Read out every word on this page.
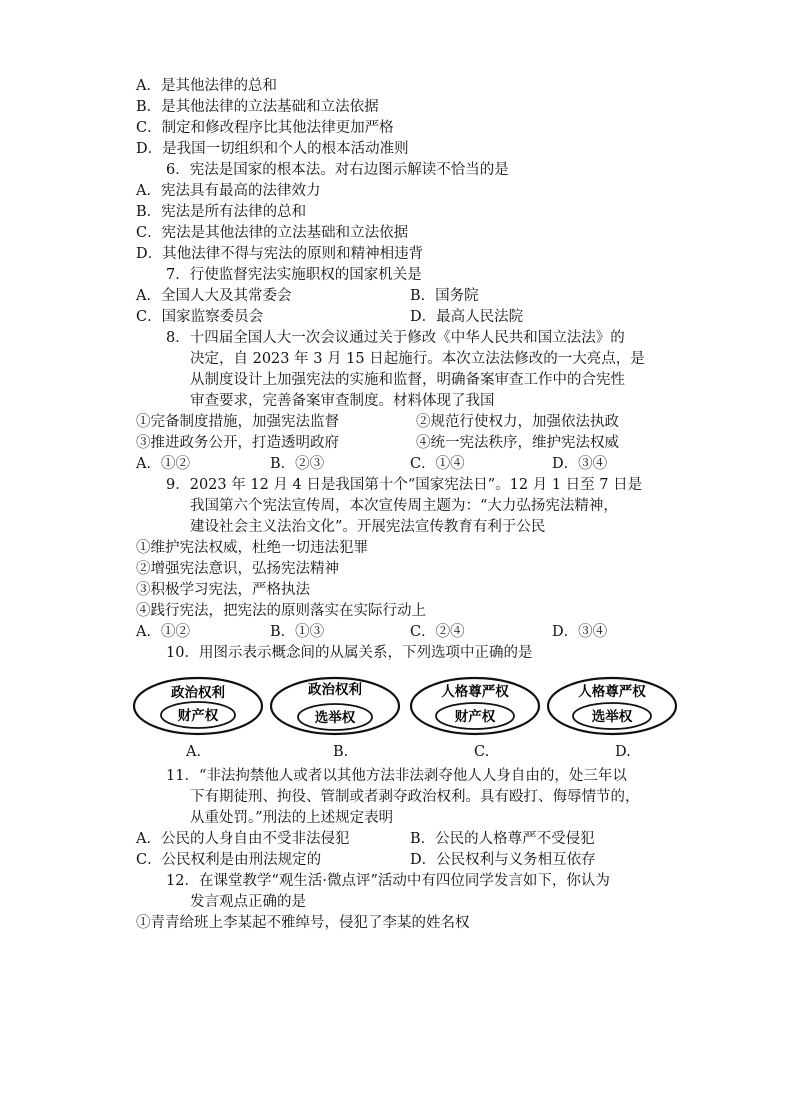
A．是其他法律的总和
B．是其他法律的立法基础和立法依据
C．制定和修改程序比其他法律更加严格
D．是我国一切组织和个人的根本活动准则
6．宪法是国家的根本法。对右边图示解读不恰当的是
A．宪法具有最高的法律效力
B．宪法是所有法律的总和
C．宪法是其他法律的立法基础和立法依据
D．其他法律不得与宪法的原则和精神相违背
7．行使监督宪法实施职权的国家机关是
A．全国人大及其常委会	B．国务院
C．国家监察委员会	D．最高人民法院
8．十四届全国人大一次会议通过关于修改《中华人民共和国立法法》的
决定，自 2023 年 3 月 15 日起施行。本次立法法修改的一大亮点，是
从制度设计上加强宪法的实施和监督，明确备案审查工作中的合宪性
审查要求，完善备案审查制度。材料体现了我国
①完备制度措施，加强宪法监督	②规范行使权力，加强依法执政
③推进政务公开，打造透明政府	④统一宪法秩序，维护宪法权威
A．①②	B．②③	C．①④	D．③④
9．2023 年 12 月 4 日是我国第十个“国家宪法日”。12 月 1 日至 7 日是
我国第六个宪法宣传周，本次宣传周主题为：“大力弘扬宪法精神，
建设社会主义法治文化”。开展宪法宣传教育有利于公民
①维护宪法权威，杜绝一切违法犯罪
②增强宪法意识，弘扬宪法精神
③积极学习宪法，严格执法
④践行宪法，把宪法的原则落实在实际行动上
A．①②	B．①③	C．②④	D．③④
10．用图示表示概念间的从属关系，下列选项中正确的是
政治权利
财产权
政治权利
选举权
人格尊严权
财产权
人格尊严权
选举权
A.	B.	C.	D.
11．“非法拘禁他人或者以其他方法非法剥夺他人人身自由的，处三年以
下有期徒刑、拘役、管制或者剥夺政治权利。具有殴打、侮辱情节的，
从重处罚。”刑法的上述规定表明
A．公民的人身自由不受非法侵犯	B．公民的人格尊严不受侵犯
C．公民权利是由刑法规定的	D．公民权利与义务相互依存
12．在课堂教学“观生活·微点评”活动中有四位同学发言如下，你认为
发言观点正确的是
①青青给班上李某起不雅绰号，侵犯了李某的姓名权
